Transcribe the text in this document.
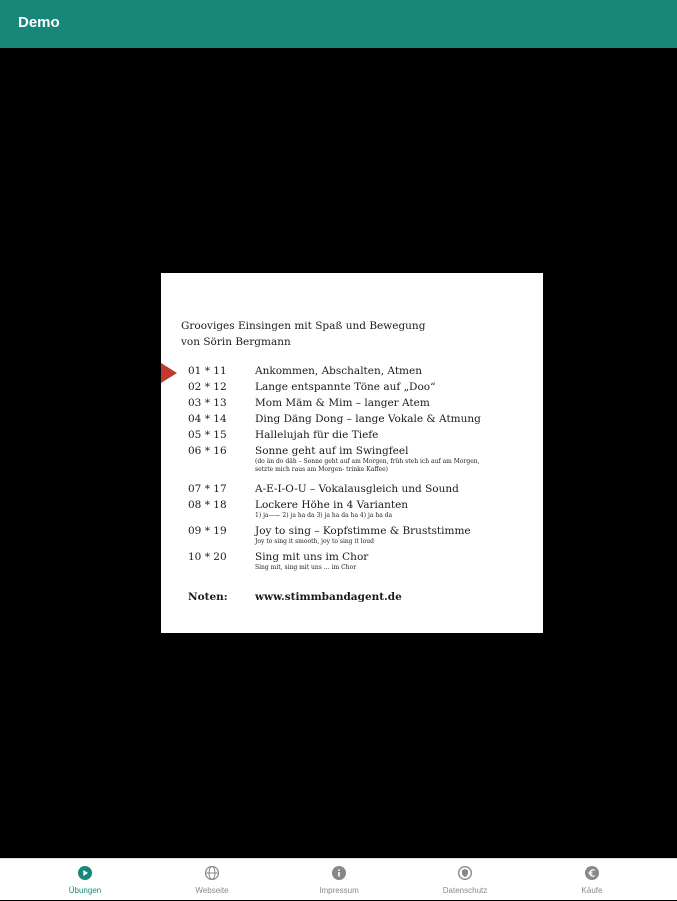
Demo
Grooviges Einsingen mit Spaß und Bewegung
von Sörin Bergmann
01 * 11	Ankommen, Abschalten, Atmen
02 * 12	Lange entspannte Töne auf „Doo“
03 * 13	Mom Mäm & Mim – langer Atem
04 * 14	Ding Däng Dong – lange Vokale & Atmung
05 * 15	Hallelujah für die Tiefe
06 * 16	Sonne geht auf im Swingfeel
(do än do däh – Sonne geht auf am Morgen, früh steh ich auf am Morgen,
setzte mich raus am Morgen- trinke Kaffee)
07 * 17	A-E-I-O-U – Vokalausgleich und Sound
08 * 18	Lockere Höhe in 4 Varianten
1) ja—— 2) ja ha da 3) ja ha da ha 4) ja ha da
09 * 19	Joy to sing – Kopfstimme & Bruststimme
Joy to sing it smooth, joy to sing it loud
10 * 20	Sing mit uns im Chor
Sing mit, sing mit uns … im Chor
Noten:	www.stimmbandagent.de
Übungen	Webseite	Impressum	Datenschutz	Käufe
